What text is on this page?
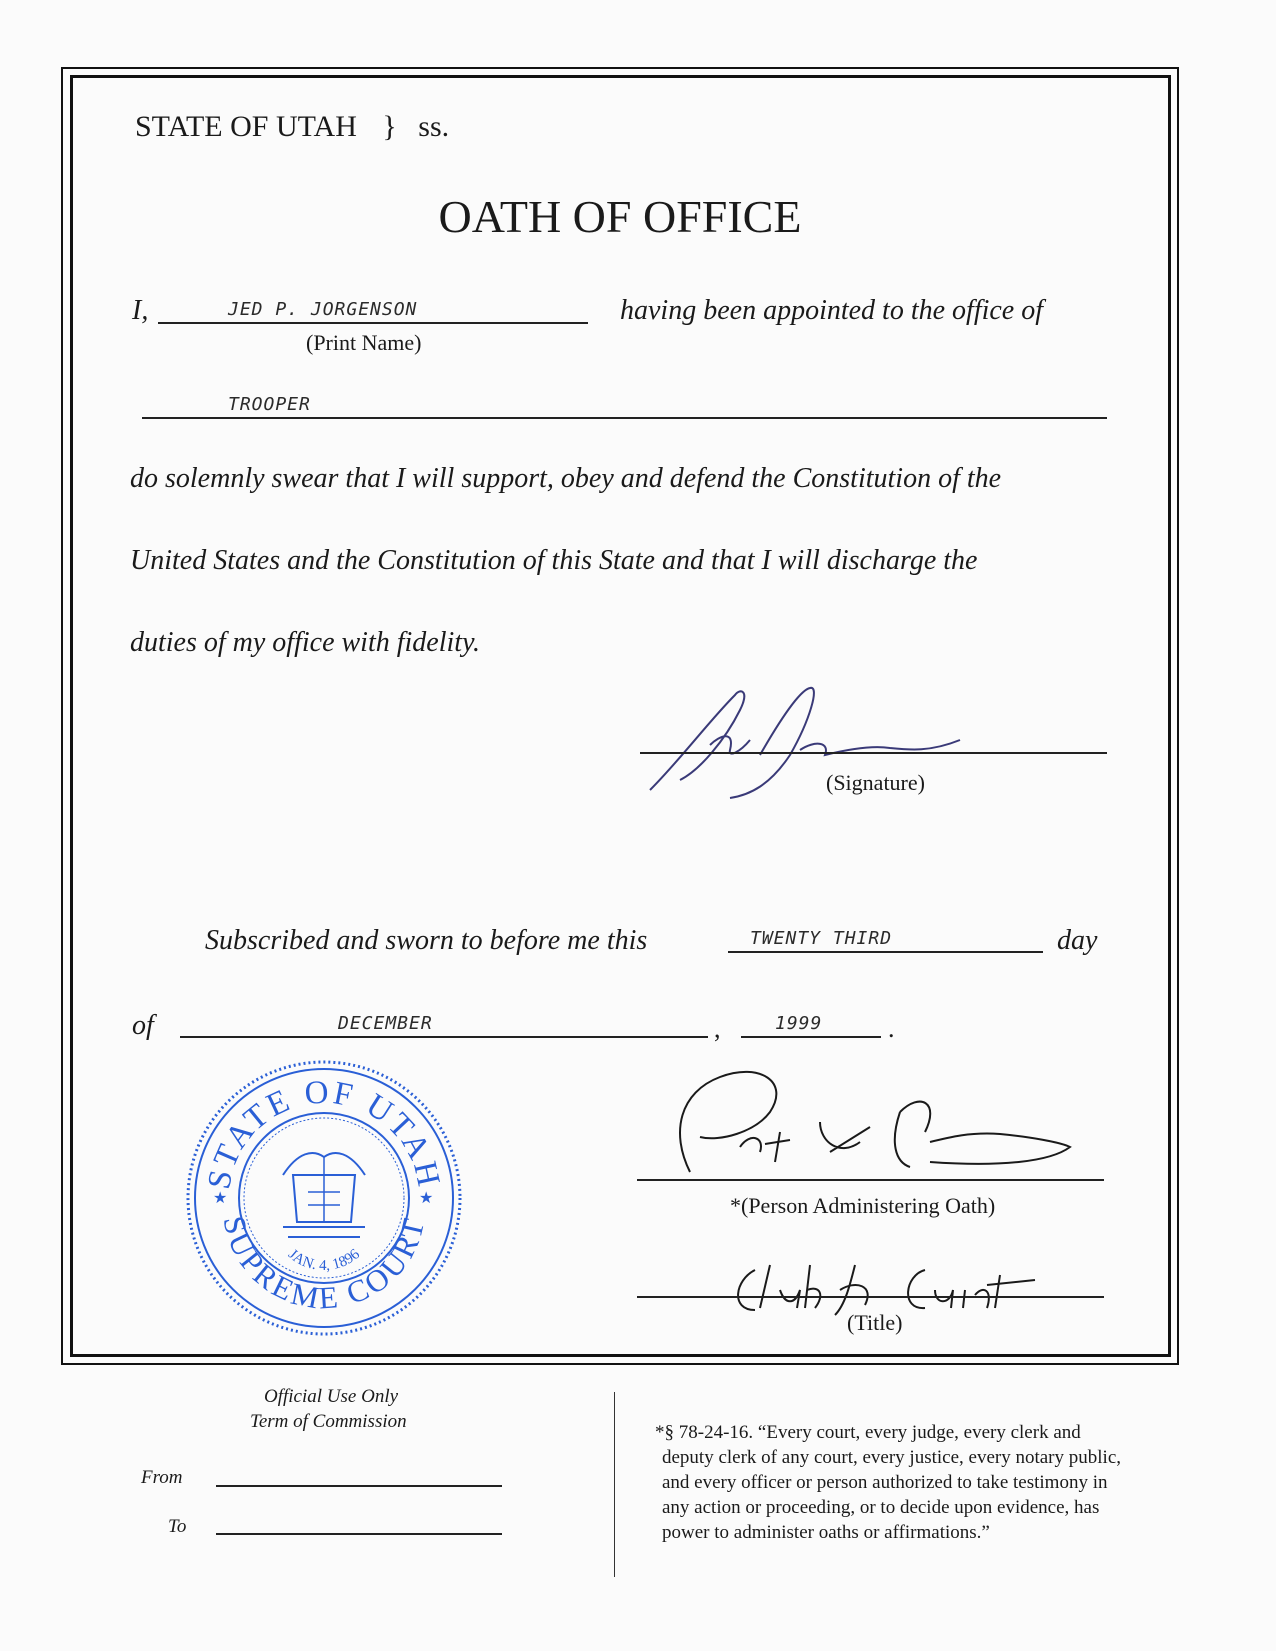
STATE OF UTAH } ss.
OATH OF OFFICE
I,	JED P. JORGENSON
(Print Name)
having been appointed to the office of
TROOPER
do solemnly swear that I will support, obey and defend the Constitution of the
United States and the Constitution of this State and that I will discharge the
duties of my office with fidelity.
(Signature)
Subscribed and sworn to before me this	TWENTY THIRD	day
of	DECEMBER	,	1999	.
STATE OF UTAH
SUPREME COURT
JAN. 4, 1896
★	★	*(Person Administering Oath)
(Title)
Official Use Only
Term of Commission
From
To
*§ 78-24-16. “Every court, every judge, every clerk and
deputy clerk of any court, every justice, every notary public,
and every officer or person authorized to take testimony in
any action or proceeding, or to decide upon evidence, has
power to administer oaths or affirmations.”
